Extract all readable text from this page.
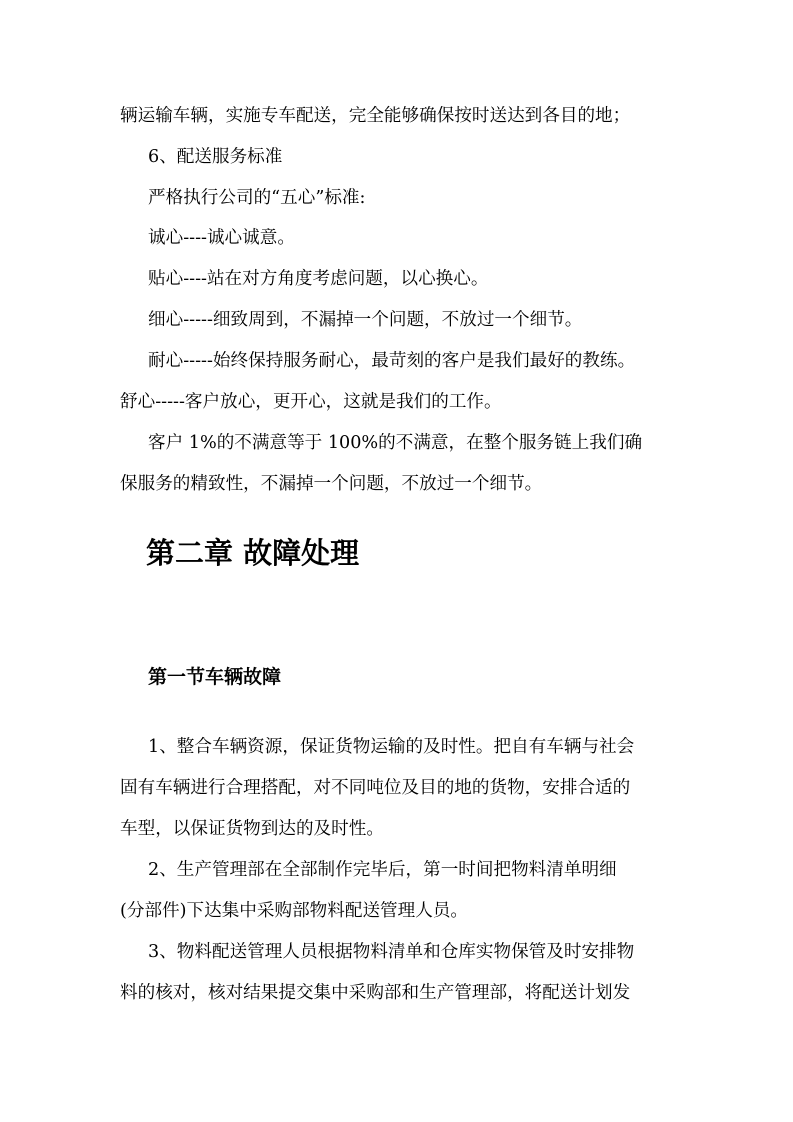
辆运输车辆，实施专车配送，完全能够确保按时送达到各目的地；
6、配送服务标准
严格执行公司的“五心”标准:
诚心----诚心诚意。
贴心----站在对方角度考虑问题，以心换心。
细心-----细致周到，不漏掉一个问题，不放过一个细节。
耐心-----始终保持服务耐心，最苛刻的客户是我们最好的教练。
舒心-----客户放心，更开心，这就是我们的工作。
客户 1%的不满意等于 100%的不满意，在整个服务链上我们确
保服务的精致性，不漏掉一个问题，不放过一个细节。
第二章 故障处理
第一节车辆故障
1、整合车辆资源，保证货物运输的及时性。把自有车辆与社会
固有车辆进行合理搭配，对不同吨位及目的地的货物，安排合适的
车型，以保证货物到达的及时性。
2、生产管理部在全部制作完毕后，第一时间把物料清单明细
(分部件)下达集中采购部物料配送管理人员。
3、物料配送管理人员根据物料清单和仓库实物保管及时安排物
料的核对，核对结果提交集中采购部和生产管理部，将配送计划发
